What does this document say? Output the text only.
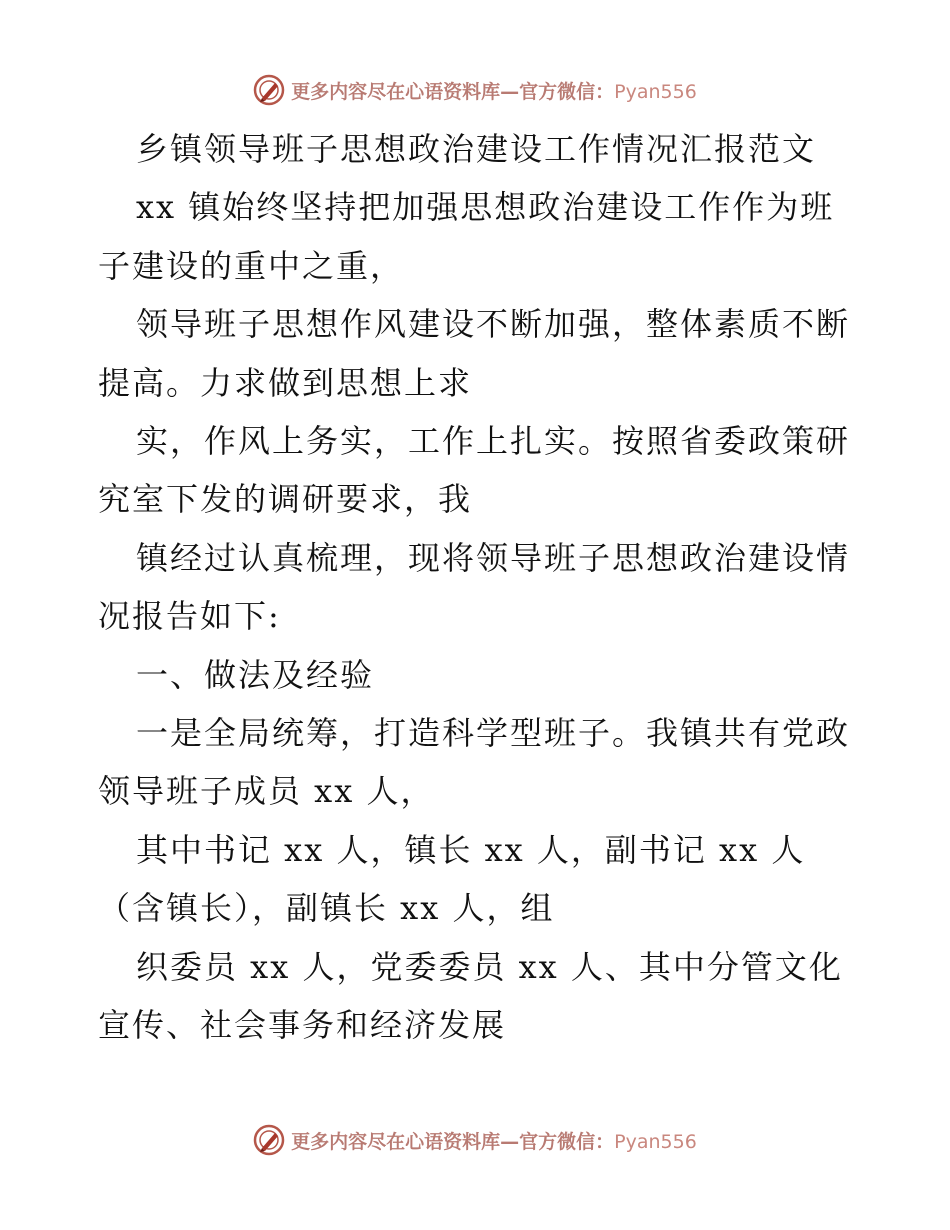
更多内容尽在心语资料库—官方微信：Pyan556

乡镇领导班子思想政治建设工作情况汇报范文

xx 镇始终坚持把加强思想政治建设工作作为班子建设的重中之重，

领导班子思想作风建设不断加强，整体素质不断提高。力求做到思想上求

实，作风上务实，工作上扎实。按照省委政策研究室下发的调研要求，我

镇经过认真梳理，现将领导班子思想政治建设情况报告如下:

一、做法及经验

一是全局统筹，打造科学型班子。我镇共有党政领导班子成员 xx 人，

其中书记 xx 人，镇长 xx 人，副书记 xx 人（含镇长），副镇长 xx 人，组

织委员 xx 人，党委委员 xx 人、其中分管文化宣传、社会事务和经济发展

更多内容尽在心语资料库—官方微信：Pyan556
